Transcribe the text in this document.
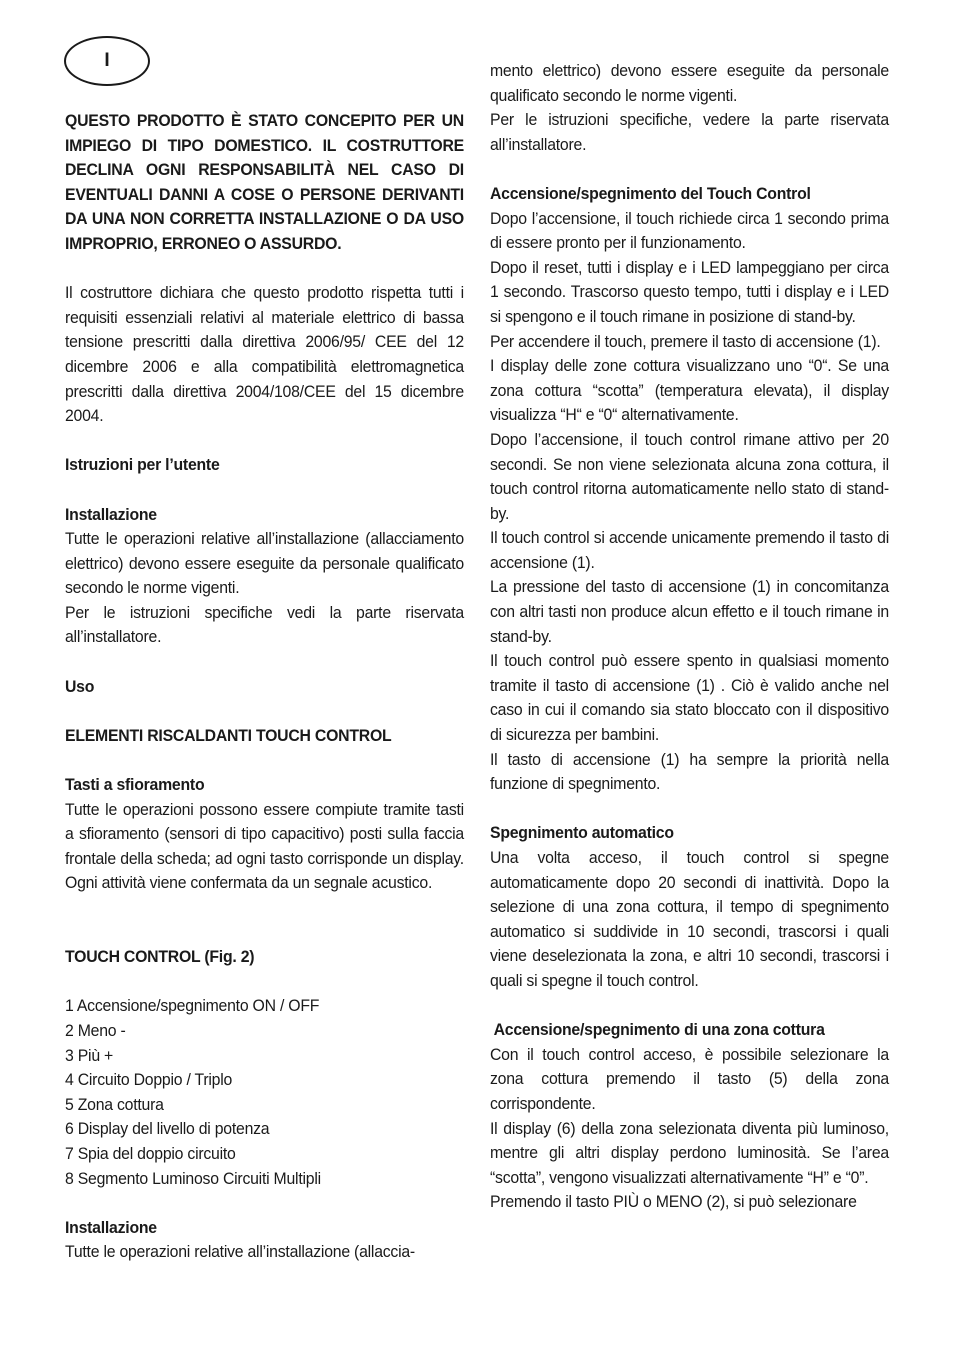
I

QUESTO PRODOTTO È STATO CONCEPITO PER UN IMPIEGO DI TIPO DOMESTICO. IL COSTRUTTORE DECLINA OGNI RESPONSABILITÀ NEL CASO DI EVENTUALI DANNI A COSE O PERSONE DERIVANTI DA UNA NON CORRETTA INSTALLAZIONE O DA USO IMPROPRIO, ERRONEO O ASSURDO.

Il costruttore dichiara che questo prodotto rispetta tutti i requisiti essenziali relativi al materiale elettrico di bassa tensione prescritti dalla direttiva 2006/95/ CEE del 12 dicembre 2006 e alla compatibilità elettromagnetica prescritti dalla direttiva 2004/108/CEE del 15 dicembre 2004.

Istruzioni per l’utente

Installazione

Tutte le operazioni relative all’installazione (allacciamento elettrico) devono essere eseguite da personale qualificato secondo le norme vigenti.

Per le istruzioni specifiche vedi la parte riservata all’installatore.

Uso

ELEMENTI RISCALDANTI TOUCH CONTROL

Tasti a sfioramento

Tutte le operazioni possono essere compiute tramite tasti a sfioramento (sensori di tipo capacitivo) posti sulla faccia frontale della scheda; ad ogni tasto corrisponde un display. Ogni attività viene confermata da un segnale acustico.

TOUCH CONTROL (Fig. 2)

1 Accensione/spegnimento ON / OFF
2 Meno -
3 Più +
4 Circuito Doppio / Triplo
5 Zona cottura
6 Display del livello di potenza
7 Spia del doppio circuito
8 Segmento Luminoso Circuiti Multipli

Installazione

Tutte le operazioni relative all’installazione (allaccia-

mento elettrico) devono essere eseguite da personale qualificato secondo le norme vigenti.

Per le istruzioni specifiche, vedere la parte riservata all’installatore.

Accensione/spegnimento del Touch Control

Dopo l’accensione, il touch richiede circa 1 secondo prima di essere pronto per il funzionamento.

Dopo il reset, tutti i display e i LED lampeggiano per circa 1 secondo. Trascorso questo tempo, tutti i display e i LED si spengono e il touch rimane in posizione di stand-by.

Per accendere il touch, premere il tasto di accensione (1).

I display delle zone cottura visualizzano uno “0“. Se una zona cottura “scotta” (temperatura elevata), il display visualizza “H“ e “0“ alternativamente.

Dopo l’accensione, il touch control rimane attivo per 20 secondi. Se non viene selezionata alcuna zona cottura, il touch control ritorna automaticamente nello stato di stand-by.

Il touch control si accende unicamente premendo il tasto di accensione (1).

La pressione del tasto di accensione (1) in concomitanza con altri tasti non produce alcun effetto e il touch rimane in stand-by.

Il touch control può essere spento in qualsiasi momento tramite il tasto di accensione (1) . Ciò è valido anche nel caso in cui il comando sia stato bloccato con il dispositivo di sicurezza per bambini.

Il tasto di accensione (1) ha sempre la priorità nella funzione di spegnimento.

Spegnimento automatico

Una volta acceso, il touch control si spegne automaticamente dopo 20 secondi di inattività. Dopo la selezione di una zona cottura, il tempo di spegnimento automatico si suddivide in 10 secondi, trascorsi i quali viene deselezionata la zona, e altri 10 secondi, trascorsi i quali si spegne il touch control.

Accensione/spegnimento di una zona cottura

Con il touch control acceso, è possibile selezionare la zona cottura premendo il tasto (5) della zona corrispondente.

Il display (6) della zona selezionata diventa più luminoso, mentre gli altri display perdono luminosità. Se l’area “scotta”, vengono visualizzati alternativamente “H” e “0”.

Premendo il tasto PIÙ o MENO (2), si può selezionare
